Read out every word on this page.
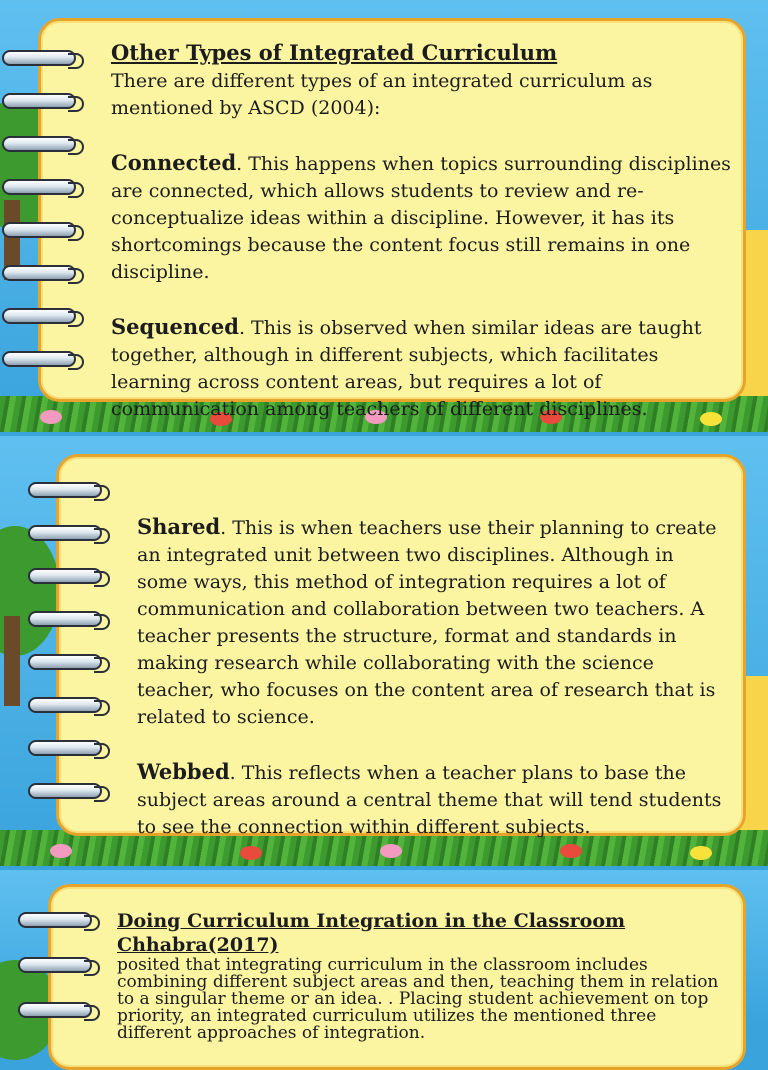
Other Types of Integrated Curriculum

There are different types of an integrated curriculum as mentioned by ASCD (2004):

Connected. This happens when topics surrounding disciplines are connected, which allows students to review and re-conceptualize ideas within a discipline. However, it has its shortcomings because the content focus still remains in one discipline.

Sequenced. This is observed when similar ideas are taught together, although in different subjects, which facilitates learning across content areas, but requires a lot of communication among teachers of different disciplines.

Shared. This is when teachers use their planning to create an integrated unit between two disciplines. Although in some ways, this method of integration requires a lot of communication and collaboration between two teachers. A teacher presents the structure, format and standards in making research while collaborating with the science teacher, who focuses on the content area of research that is related to science.

Webbed. This reflects when a teacher plans to base the subject areas around a central theme that will tend students to see the connection within different subjects.

Doing Curriculum Integration in the Classroom Chhabra(2017)

posited that integrating curriculum in the classroom includes combining different subject areas and then, teaching them in relation to a singular theme or an idea. . Placing student achievement on top priority, an integrated curriculum utilizes the mentioned three different approaches of integration.
